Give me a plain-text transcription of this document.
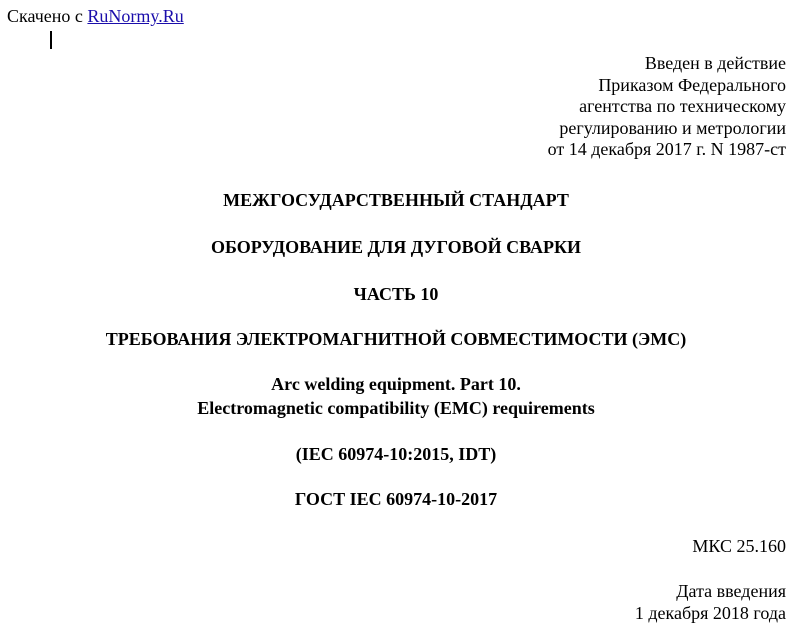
Скачено с RuNormy.Ru
Введен в действие
Приказом Федерального
агентства по техническому
регулированию и метрологии
от 14 декабря 2017 г. N 1987-ст
МЕЖГОСУДАРСТВЕННЫЙ СТАНДАРТ
ОБОРУДОВАНИЕ ДЛЯ ДУГОВОЙ СВАРКИ
ЧАСТЬ 10
ТРЕБОВАНИЯ ЭЛЕКТРОМАГНИТНОЙ СОВМЕСТИМОСТИ (ЭМС)
Arc welding equipment. Part 10.
Electromagnetic compatibility (EMC) requirements
(IEC 60974-10:2015, IDT)
ГОСТ IEC 60974-10-2017
МКС 25.160
Дата введения
1 декабря 2018 года
